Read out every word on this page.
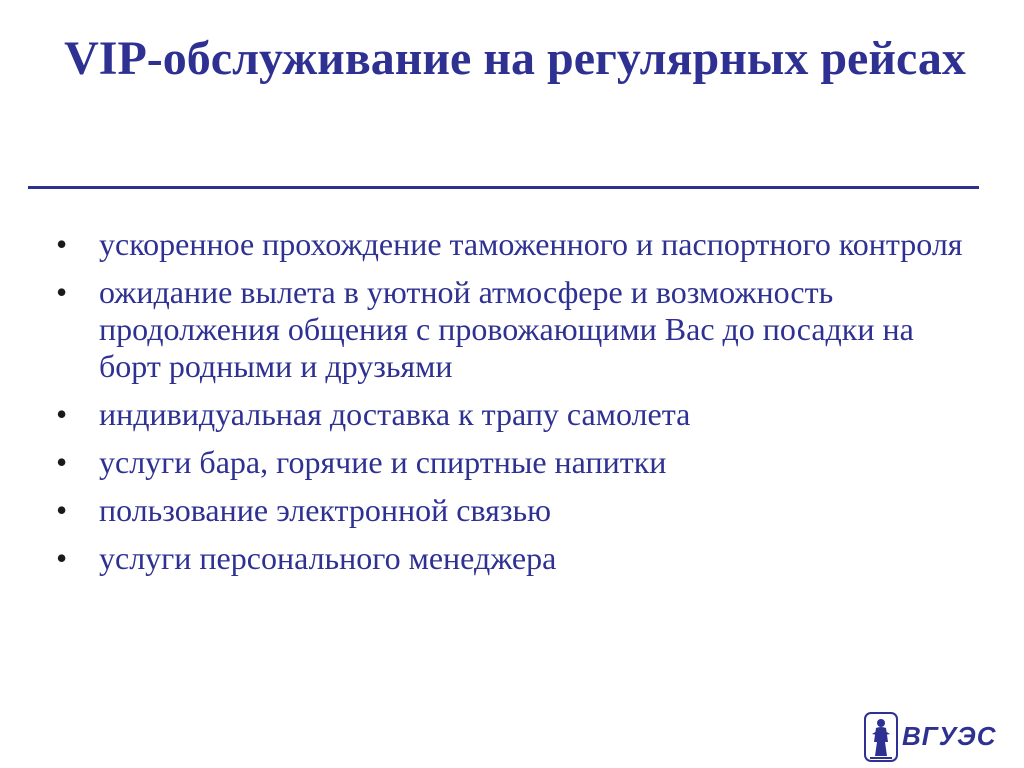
VIP-обслуживание на регулярных рейсах
• ускоренное прохождение таможенного и паспортного контроля
• ожидание вылета в уютной атмосфере и возможность продолжения общения с провожающими Вас до посадки на борт родными и друзьями
• индивидуальная доставка к трапу самолета
• услуги бара, горячие и спиртные напитки
• пользование электронной связью
• услуги персонального менеджера
ВГУЭС
